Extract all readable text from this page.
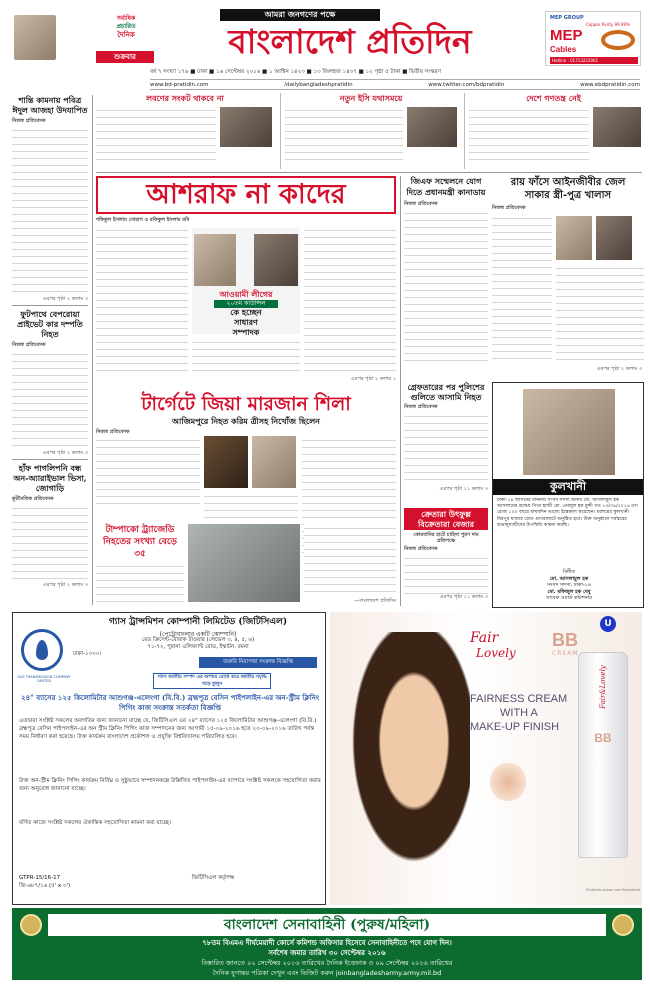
সর্বাধিক
প্রচারিত
দৈনিক
শুক্রবার
আমরা জনগণের পক্ষে
বাংলাদেশ প্রতিদিন
MEP GROUP
Copper Purity 99.99%
MEP
Cables
Hotline : 01713222001
বর্ষ ৭ সংখ্যা ১৭৬ ■ ঢাকা ■ ১৬ সেপ্টেম্বর ২০১৬ ■ ১ আশ্বিন ১৪২৩ ■ ১৩ জিলহজ ১৪৩৭ ■ ১২ পৃষ্ঠা ৫ টাকা ■ দ্বিতীয় সংস্করণ
www.bd-pratidin.com	/dailybangladeshpratidin	www.twitter.com/bdpratidin	www.ebdpratidin.com
শান্তি কামনায় পবিত্র ঈদুল আজহা উদযাপিত
নিজস্ব প্রতিবেদক
এরপর পৃষ্ঠা ২ কলাম ৩
ফুটপাথে বেপরোয়া প্রাইভেট কার দম্পতি নিহত
নিজস্ব প্রতিবেদক
এরপর পৃষ্ঠা ২ কলাম ৩
হাঁফ পাগলিপনি বন্ধ অন-অ্যারাইভাল ভিসা, জোগাড়ি
কূটনৈতিক প্রতিবেদক
এরপর পৃষ্ঠা ২ কলাম ৩
লবণের সংকট থাকবে না	নতুন ইসি যথাসময়ে	দেশে গণতন্ত্র নেই
আশরাফ না কাদের
শফিকুল ইসলাম সোহাগ ও রফিকুল ইসলাম রনি
আওয়ামী লীগের
২০তম কাউন্সিল
কে হচ্ছেন
সাধারণ
সম্পাদক
এরপর পৃষ্ঠা ২ কলাম ১
টার্গেটে জিয়া মারজান শিলা
আজিমপুরে নিহত করিম ত্রীসহ নিখোঁজ ছিলেন
নিজস্ব প্রতিবেদক
টাম্পাকো ট্র্যাজেডি নিহতের সংখ্যা বেড়ে ৩৫
—বাংলাদেশ প্রতিদিন
জিএফ সম্মেলনে যোগ দিতে প্রধানমন্ত্রী কানাডায়
নিজস্ব প্রতিবেদক
রায় ফাঁসে আইনজীবীর জেল
সাকার স্ত্রী-পুত্র খালাস
নিজস্ব প্রতিবেদক
এরপর পৃষ্ঠা ২ কলাম ৩
গ্রেফতারের পর পুলিশের গুলিতে আসামি নিহত
নিজস্ব প্রতিবেদক
এরপর পৃষ্ঠা ১১ কলাম ৩
ক্রেতারা উৎফুল্ল বিক্রেতারা বেজার
কোরবানির হাটে চাহিদা পুরণ দাম প্রতিপক্ষে
নিজস্ব প্রতিবেদক
এরপর পৃষ্ঠা ১১ কলাম ৩
কুলখানী
ঢাকা-১৪ আসনের মাননীয় সংসদ সদস্য জনাব মো. আসলামুল হক আসলামের শ্রদ্ধেয় পিতা হাজী মো. এনামুল হক মুন্সী গত ১৩/০৯/২০১৬ তাং রোজ ১০০ বছরে মাঘবদিন ভাল্যে ইন্তেকাল করেছেন। মরহুমের কুলখানী মিরপুর মাজার রোড গুদারাঘাটে অনুষ্ঠিত হবে। উক্ত অনুষ্ঠানে সর্বস্তরের শুভানুধ্যায়ীদের উপস্থিতি কামনা করছি।
বিনীত
মো. আসলামুল হক
সংসদ সদস্য, ঢাকা-১৪
মো. মফিজুল হক বেবু
সাবেক ওয়ার্ড কমিশনার
GAS TRANSMISSION COMPANY LIMITED
গ্যাস ট্রান্সমিশন কোম্পানী লিমিটেড (জিটিসিএল)
(পেট্রোবাংলার একটি কোম্পানি)
রেড ক্রিসেন্ট-বোরাক টাওয়ার (লেভেল ৩, ৪, ৫, ৬)
৭১-৭২, পুরানা এলিফ্যান্ট রোড, ইস্কাটন, রমনা
ঢাকা-১০০০।
জরুরি নিরাপত্তা সংক্রান্ত বিজ্ঞপ্তি
গ্যাস জাতীয় সম্পদ এর অপচয় রোধে করে জাতীয় সমৃদ্ধি গড়ে তুলুন
২৪" ব্যাসের ১২৫ কিলোমিটার আশুগঞ্জ-এলেংগা (বি.বি.) ব্রহ্মপুত্র বেসিন পাইপলাইন-এর অন-স্ট্রীম ক্লিনিং পিগিং কাজ সংক্রান্ত সতর্কতা বিজ্ঞপ্তি
এতদ্বারা সংশ্লিষ্ট সকলের অবগতির জন্য জানানো যাচ্ছে যে, জিটিসিএল এর ২৪" ব্যাসের ১২৫ কিলোমিটার আশুগঞ্জ-এলেংগা (বি.বি.) ব্রহ্মপুত্র বেসিন পাইপলাইন-এর অন স্ট্রীম ক্লিনিং পিগিং কাজ সম্পাদনের জন্য আগামী ১৫-০৯-২০১৬ হতে ২০-০৯-২০১৬ তারিখ পর্যন্ত সময় নির্ধারণ করা হয়েছে। উক্ত কার্যক্রম বাংলাদেশ প্রকৌশল ও প্রযুক্তি বিশ্ববিদ্যালয় পরিচালিত হবে।
উক্ত অন-স্ট্রীম ক্লিনিং পিগিং কার্যক্রম নির্বিঘ্ন ও সুষ্ঠুভাবে সম্পাদনকল্পে উল্লিখিত পাইপলাইন-এর ব্যাপারে সংশ্লিষ্ট সকলকে সহযোগিতা করার জন্য অনুরোধ জানানো যাচ্ছে।
বর্ণিত কাজে সংশ্লিষ্ট সকলের ঐকান্তিক সহযোগিতা কামনা করা যাচ্ছে।
GTPR-15/16-17
জি-৬৮৭/১৬ (৫' x ৩')
জিটিসিএল কর্তৃপক্ষ
Fair
Lovely
BB
CREAM
FAIRNESS CREAM
WITH A
MAKE-UP FINISH
U
Fair&Lovely
BB
Products shown are illustrative
বাংলাদেশ সেনাবাহিনী (পুরুষ/মহিলা)
৭৮তম বিএমএ দীর্ঘমেয়াদী কোর্সে কমিশন্ড অফিসার হিসেবে সেনাবাহিনীতে পদে যোগ দিন।
সর্বশেষ জমার তারিখ ৩০ সেপ্টেম্বর ২০১৬
বিস্তারিত জানতে ০২ সেপ্টেম্বর ২০১৬ তারিখের দৈনিক ইত্তেফাক ও ০৯ সেপ্টেম্বর ২০১৬ তারিখের
দৈনিক যুগান্তর পত্রিকা দেখুন এবং ভিজিট করুন joinbangladesharmy.army.mil.bd
